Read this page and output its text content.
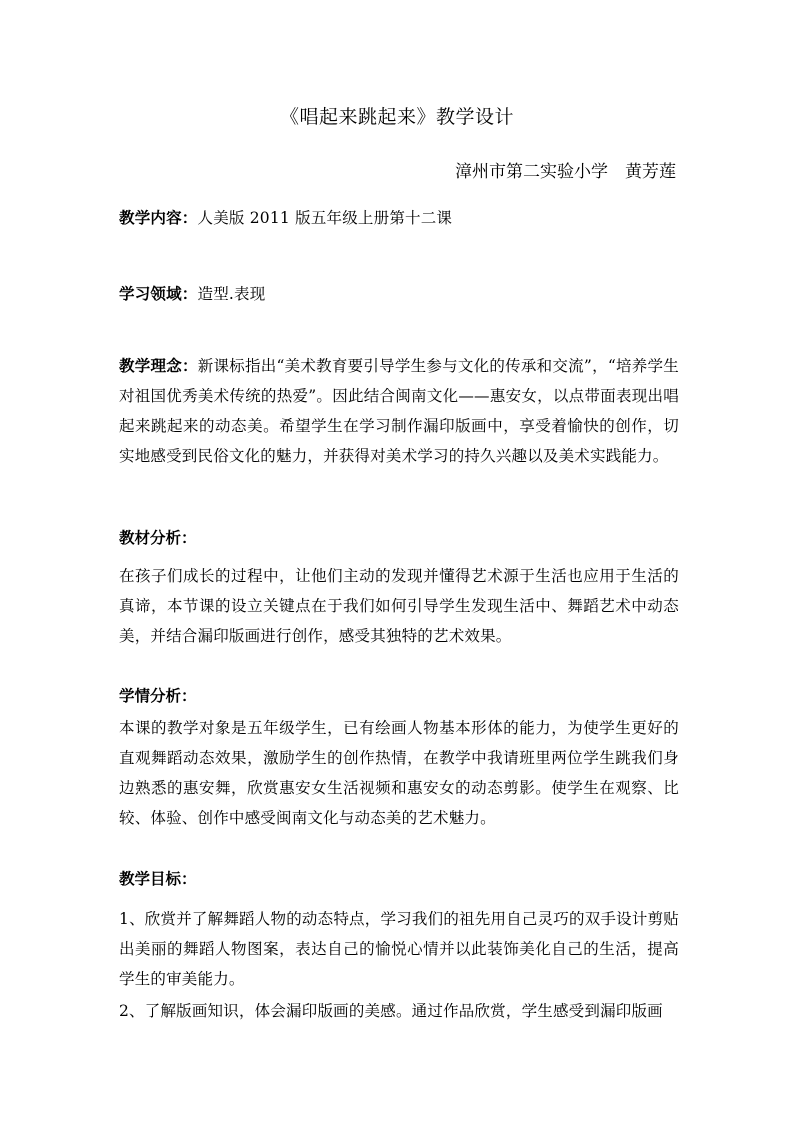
《唱起来跳起来》教学设计
漳州市第二实验小学　黄芳莲
教学内容：人美版 2011 版五年级上册第十二课
学习领域：造型.表现
教学理念：新课标指出“美术教育要引导学生参与文化的传承和交流”，“培养学生对祖国优秀美术传统的热爱”。因此结合闽南文化——惠安女，以点带面表现出唱起来跳起来的动态美。希望学生在学习制作漏印版画中，享受着愉快的创作，切实地感受到民俗文化的魅力，并获得对美术学习的持久兴趣以及美术实践能力。
教材分析：
在孩子们成长的过程中，让他们主动的发现并懂得艺术源于生活也应用于生活的真谛，本节课的设立关键点在于我们如何引导学生发现生活中、舞蹈艺术中动态美，并结合漏印版画进行创作，感受其独特的艺术效果。
学情分析：
本课的教学对象是五年级学生，已有绘画人物基本形体的能力，为使学生更好的直观舞蹈动态效果，激励学生的创作热情，在教学中我请班里两位学生跳我们身边熟悉的惠安舞，欣赏惠安女生活视频和惠安女的动态剪影。使学生在观察、比较、体验、创作中感受闽南文化与动态美的艺术魅力。
教学目标：
1、欣赏并了解舞蹈人物的动态特点，学习我们的祖先用自己灵巧的双手设计剪贴出美丽的舞蹈人物图案，表达自己的愉悦心情并以此装饰美化自己的生活，提高学生的审美能力。
2、了解版画知识，体会漏印版画的美感。通过作品欣赏，学生感受到漏印版画
